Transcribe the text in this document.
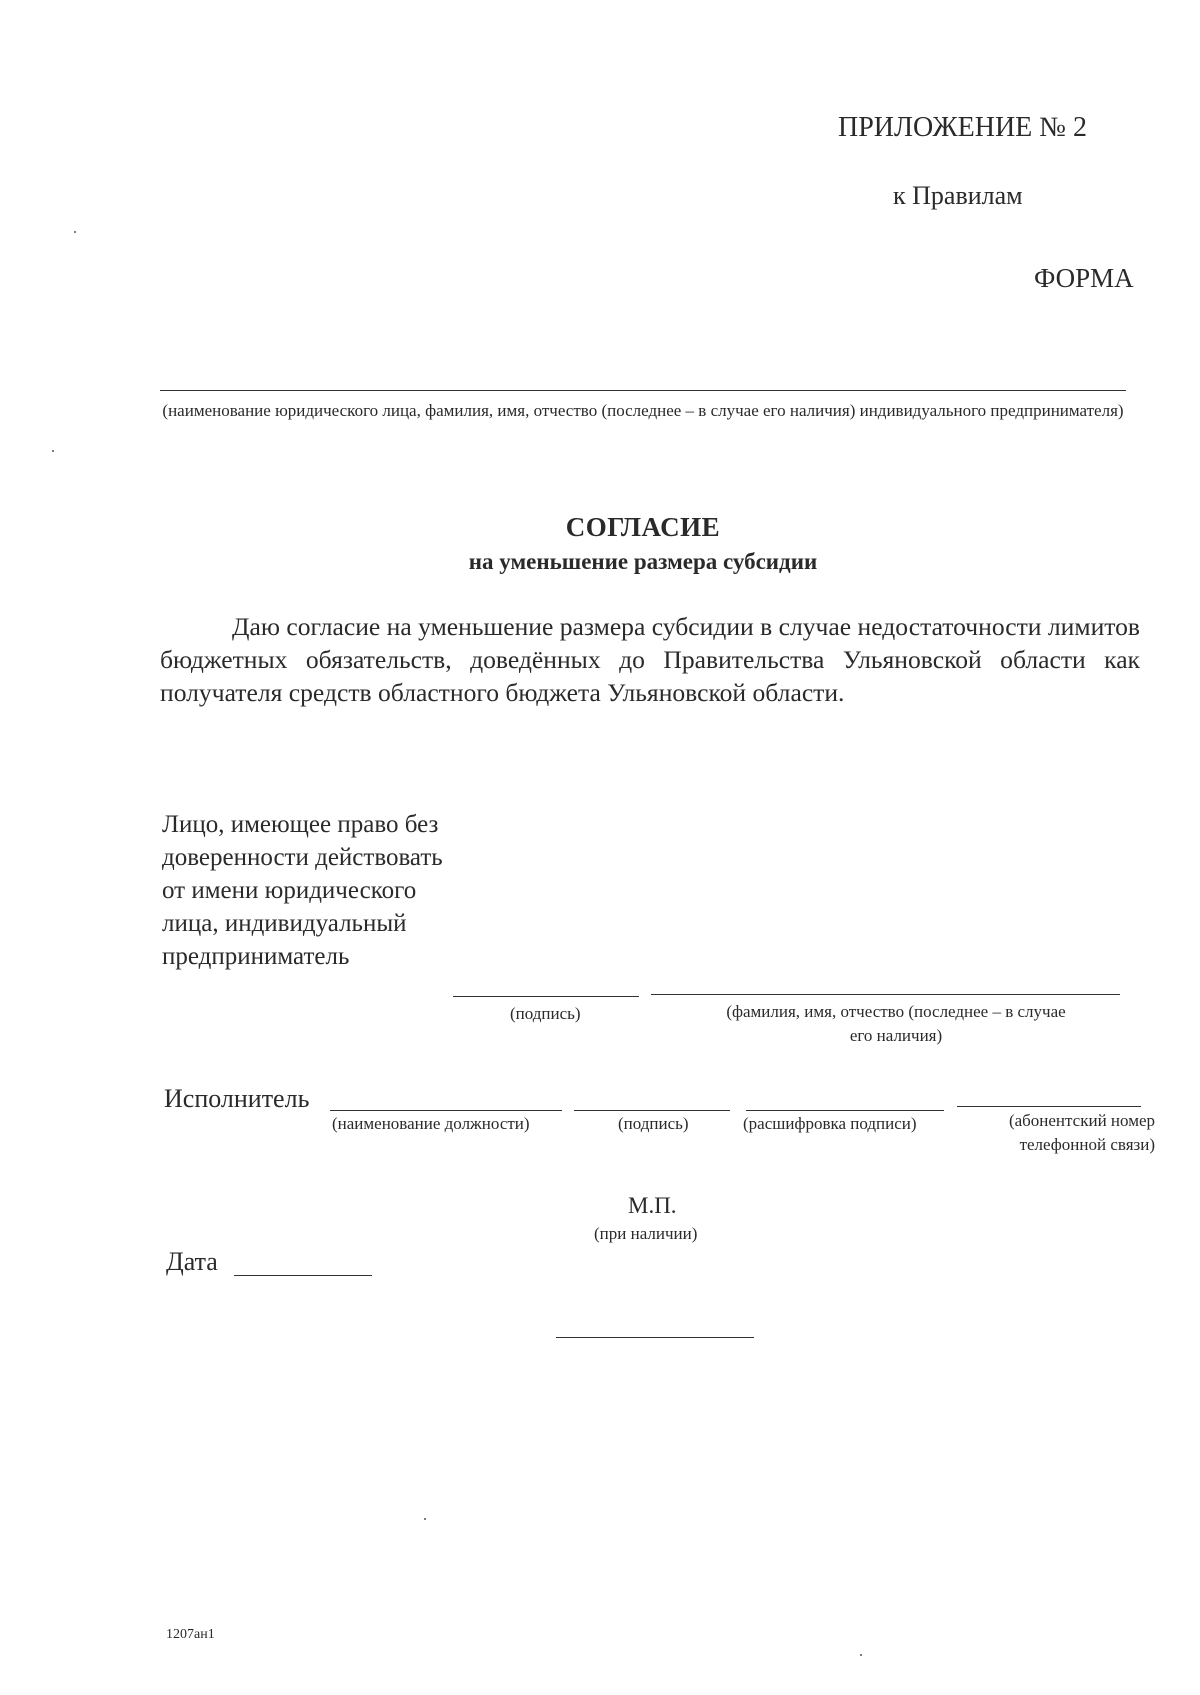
ПРИЛОЖЕНИЕ № 2
к Правилам
ФОРМА
(наименование юридического лица, фамилия, имя, отчество (последнее – в случае его наличия) индивидуального предпринимателя)
СОГЛАСИЕ
на уменьшение размера субсидии
Даю согласие на уменьшение размера субсидии в случае недостаточности лимитов бюджетных обязательств, доведённых до Правительства Ульяновской области как получателя средств областного бюджета Ульяновской области.
Лицо, имеющее право без доверенности действовать от имени юридического лица, индивидуальный предприниматель
(подпись)	(фамилия, имя, отчество (последнее – в случае его наличия)
Исполнитель
(наименование должности)	(подпись)	(расшифровка подписи)	(абонентский номер телефонной связи)
М.П.
(при наличии)
Дата
1207ан1
